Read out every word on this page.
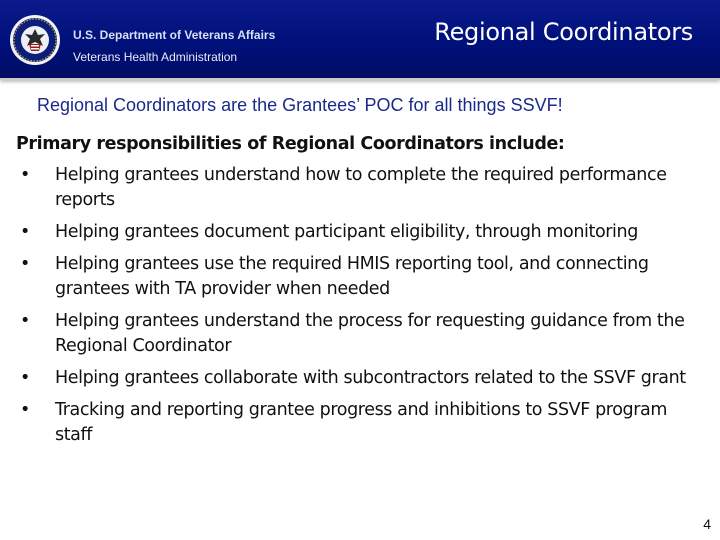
U.S. Department of Veterans Affairs
Veterans Health Administration
Regional Coordinators
Regional Coordinators are the Grantees’ POC for all things SSVF!
Primary responsibilities of Regional Coordinators include:
• Helping grantees understand how to complete the required performance reports
• Helping grantees document participant eligibility, through monitoring
• Helping grantees use the required HMIS reporting tool, and connecting grantees with TA provider when needed
• Helping grantees understand the process for requesting guidance from the Regional Coordinator
• Helping grantees collaborate with subcontractors related to the SSVF grant
• Tracking and reporting grantee progress and inhibitions to SSVF program staff
4
